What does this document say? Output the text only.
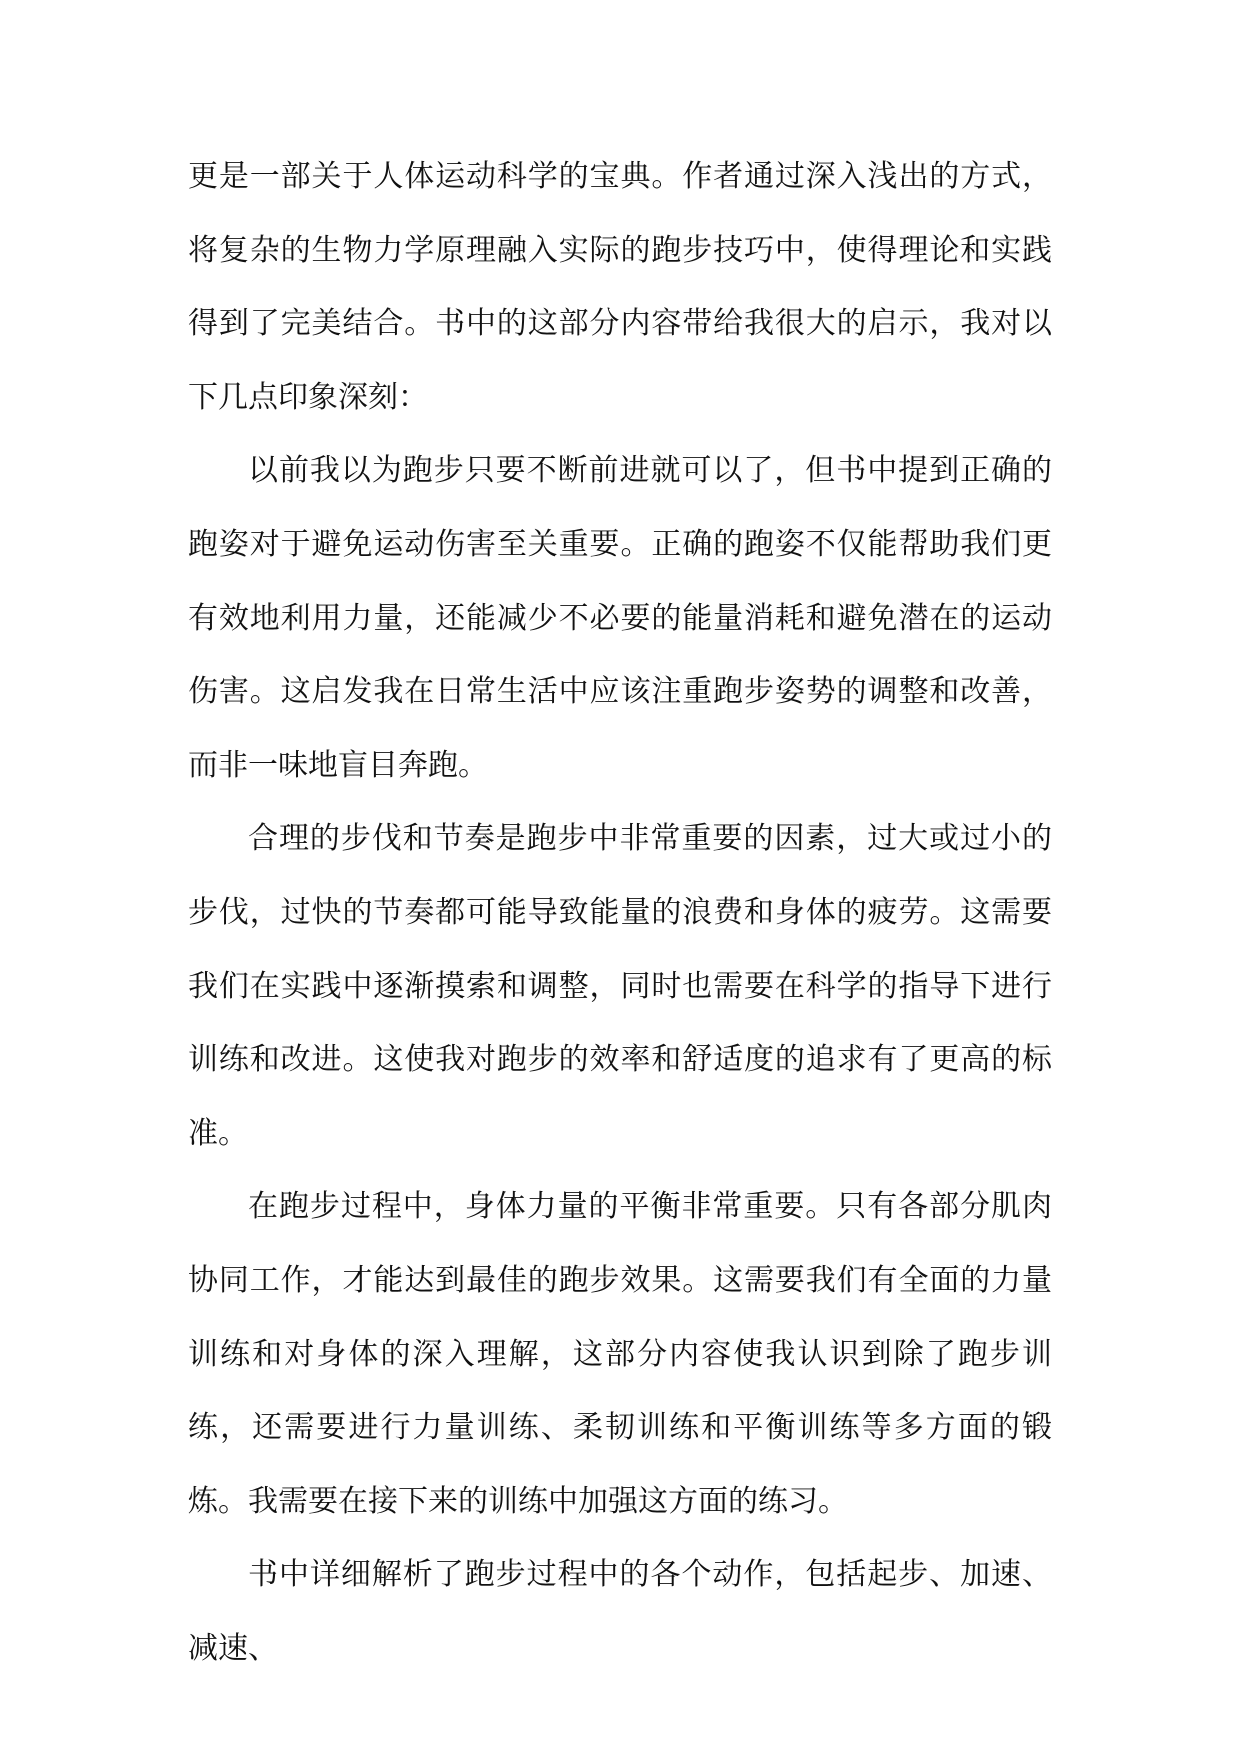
更是一部关于人体运动科学的宝典。作者通过深入浅出的方式，将复杂的生物力学原理融入实际的跑步技巧中，使得理论和实践得到了完美结合。书中的这部分内容带给我很大的启示，我对以下几点印象深刻：

以前我以为跑步只要不断前进就可以了，但书中提到正确的跑姿对于避免运动伤害至关重要。正确的跑姿不仅能帮助我们更有效地利用力量，还能减少不必要的能量消耗和避免潜在的运动伤害。这启发我在日常生活中应该注重跑步姿势的调整和改善，而非一味地盲目奔跑。

合理的步伐和节奏是跑步中非常重要的因素，过大或过小的步伐，过快的节奏都可能导致能量的浪费和身体的疲劳。这需要我们在实践中逐渐摸索和调整，同时也需要在科学的指导下进行训练和改进。这使我对跑步的效率和舒适度的追求有了更高的标准。

在跑步过程中，身体力量的平衡非常重要。只有各部分肌肉协同工作，才能达到最佳的跑步效果。这需要我们有全面的力量训练和对身体的深入理解，这部分内容使我认识到除了跑步训练，还需要进行力量训练、柔韧训练和平衡训练等多方面的锻炼。我需要在接下来的训练中加强这方面的练习。

书中详细解析了跑步过程中的各个动作，包括起步、加速、减速、
